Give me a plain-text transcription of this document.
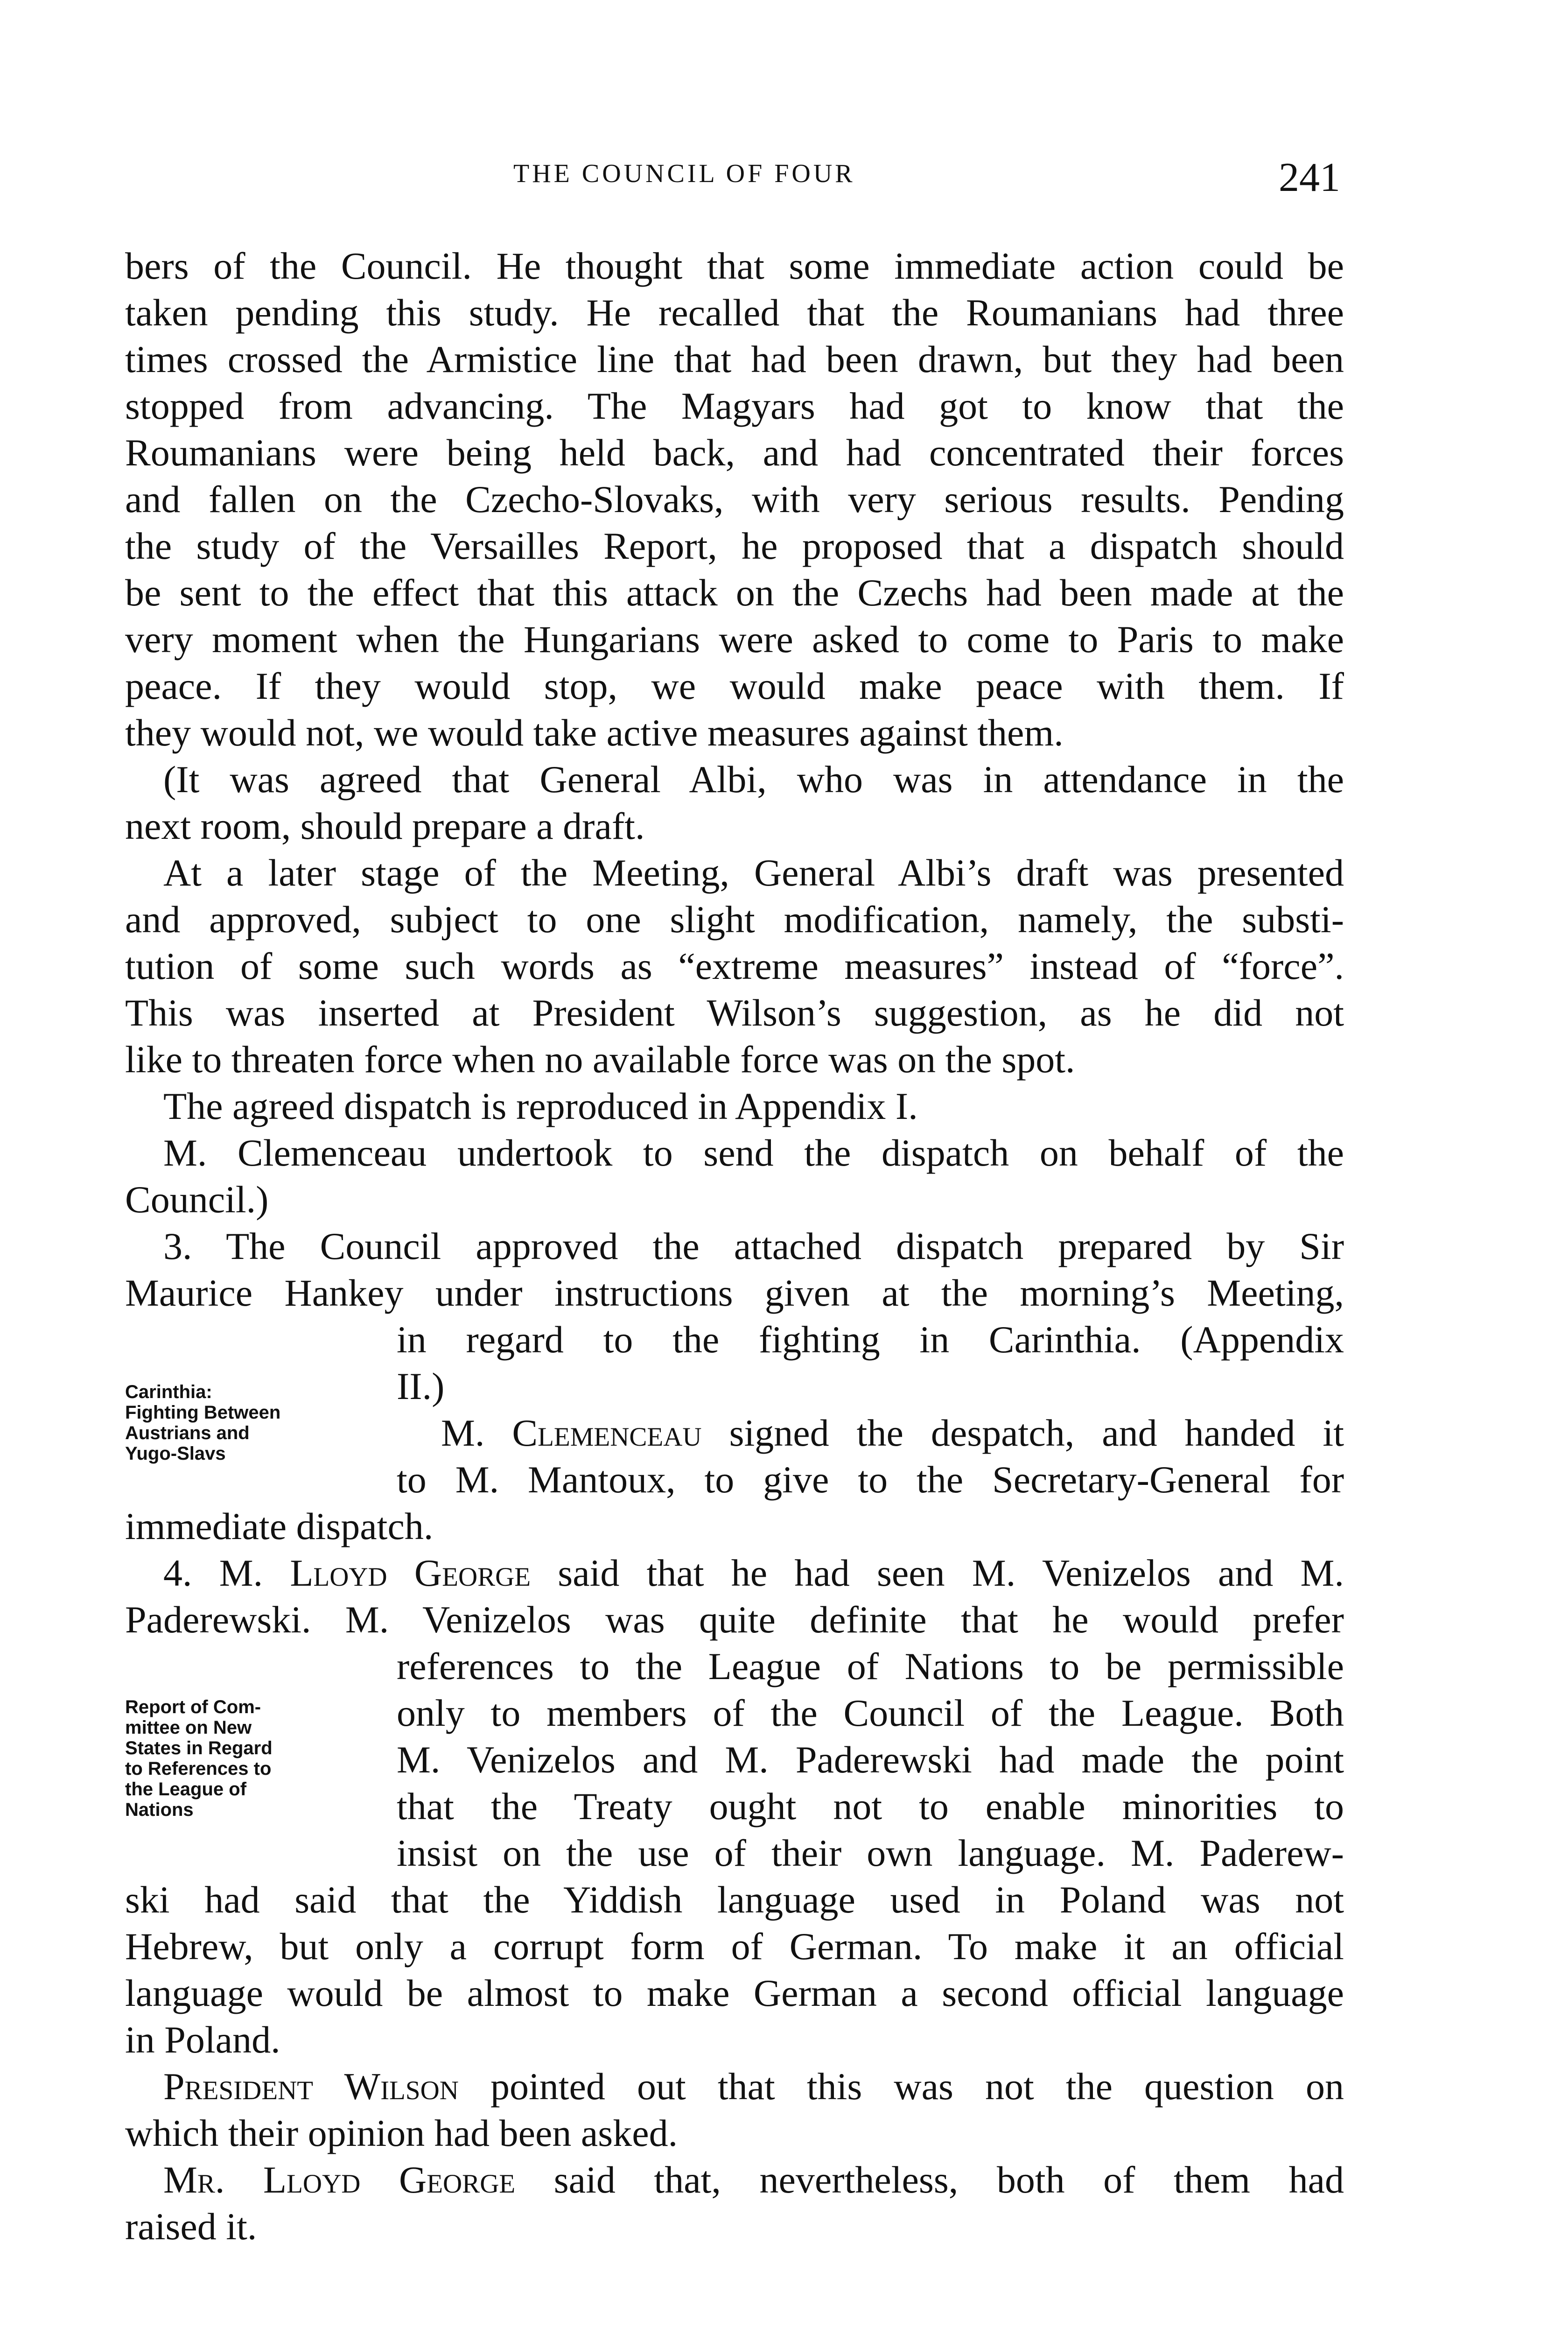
THE COUNCIL OF FOUR	241
bers of the Council. He thought that some immediate action could be
taken pending this study. He recalled that the Roumanians had three
times crossed the Armistice line that had been drawn, but they had been
stopped from advancing. The Magyars had got to know that the
Roumanians were being held back, and had concentrated their forces
and fallen on the Czecho-Slovaks, with very serious results. Pending
the study of the Versailles Report, he proposed that a dispatch should
be sent to the effect that this attack on the Czechs had been made at the
very moment when the Hungarians were asked to come to Paris to make
peace. If they would stop, we would make peace with them. If
they would not, we would take active measures against them.
(It was agreed that General Albi, who was in attendance in the
next room, should prepare a draft.
At a later stage of the Meeting, General Albi’s draft was presented
and approved, subject to one slight modification, namely, the substi-
tution of some such words as “extreme measures” instead of “force”.
This was inserted at President Wilson’s suggestion, as he did not
like to threaten force when no available force was on the spot.
The agreed dispatch is reproduced in Appendix I.
M. Clemenceau undertook to send the dispatch on behalf of the
Council.)
3. The Council approved the attached dispatch prepared by Sir
Maurice Hankey under instructions given at the morning’s Meeting,
in regard to the fighting in Carinthia. (Appendix
II.)
Carinthia:
Fighting Between
Austrians and
Yugo-Slavs	M. Clemenceau signed the despatch, and handed it
to M. Mantoux, to give to the Secretary-General for
immediate dispatch.
4. M. Lloyd George said that he had seen M. Venizelos and M.
Paderewski. M. Venizelos was quite definite that he would prefer
references to the League of Nations to be permissible
only to members of the Council of the League. Both
M. Venizelos and M. Paderewski had made the point
that the Treaty ought not to enable minorities to
insist on the use of their own language. M. Paderew-
Report of Com-
mittee on New
States in Regard
to References to
the League of
Nations
ski had said that the Yiddish language used in Poland was not
Hebrew, but only a corrupt form of German. To make it an official
language would be almost to make German a second official language
in Poland.
President Wilson pointed out that this was not the question on
which their opinion had been asked.
Mr. Lloyd George said that, nevertheless, both of them had
raised it.
